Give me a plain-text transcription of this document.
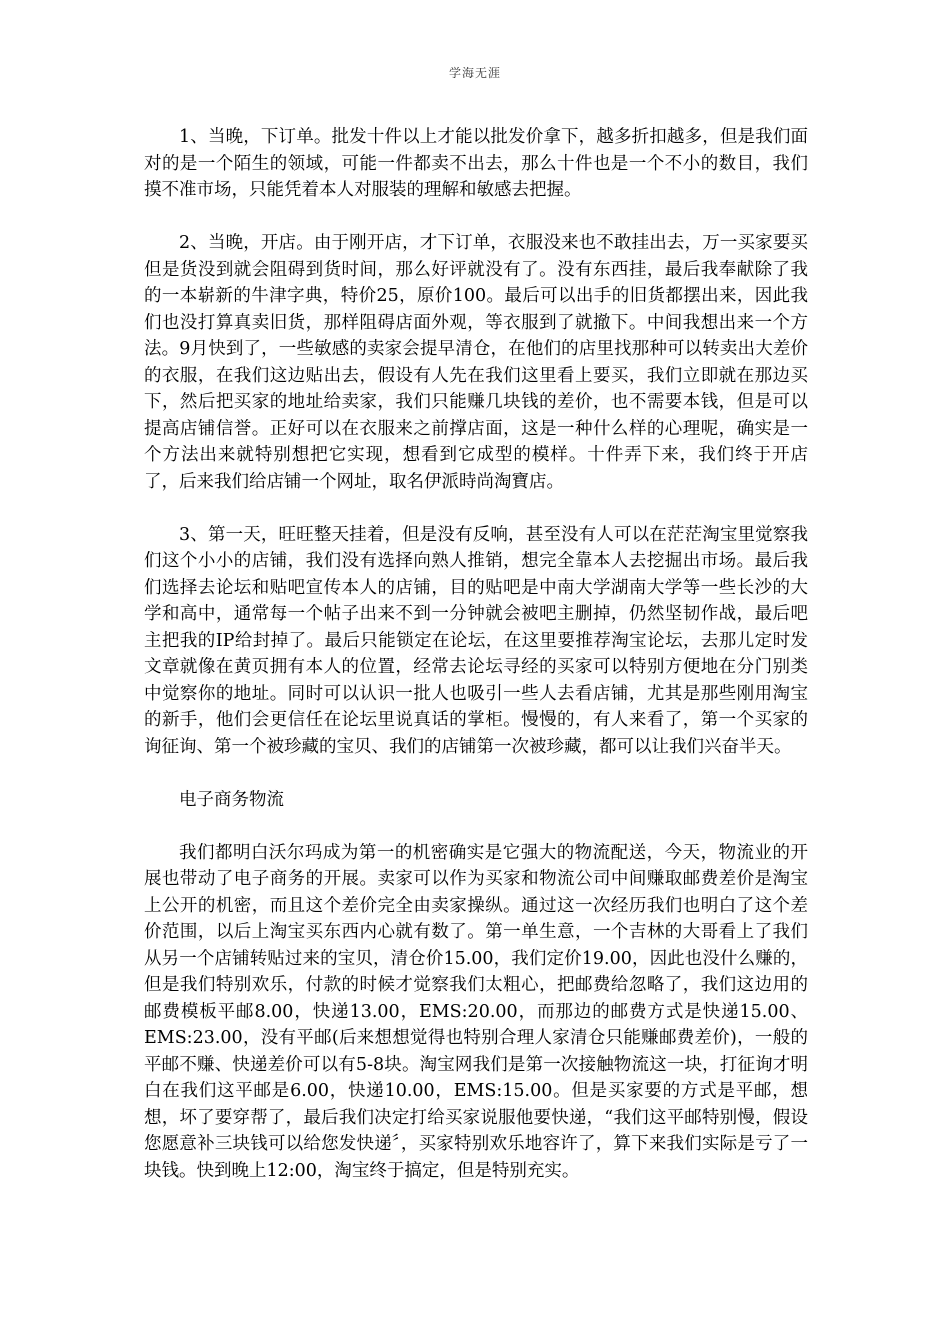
学海无涯

1、当晚，下订单。批发十件以上才能以批发价拿下，越多折扣越多，但是我们面对的是一个陌生的领域，可能一件都卖不出去，那么十件也是一个不小的数目，我们摸不准市场，只能凭着本人对服装的理解和敏感去把握。

2、当晚，开店。由于刚开店，才下订单，衣服没来也不敢挂出去，万一买家要买但是货没到就会阻碍到货时间，那么好评就没有了。没有东西挂，最后我奉献除了我的一本崭新的牛津字典，特价25，原价100。最后可以出手的旧货都摆出来，因此我们也没打算真卖旧货，那样阻碍店面外观，等衣服到了就撤下。中间我想出来一个方法。9月快到了，一些敏感的卖家会提早清仓，在他们的店里找那种可以转卖出大差价的衣服，在我们这边贴出去，假设有人先在我们这里看上要买，我们立即就在那边买下，然后把买家的地址给卖家，我们只能赚几块钱的差价，也不需要本钱，但是可以提高店铺信誉。正好可以在衣服来之前撑店面，这是一种什么样的心理呢，确实是一个方法出来就特别想把它实现，想看到它成型的模样。十件弄下来，我们终于开店了，后来我们给店铺一个网址，取名伊派時尚淘寶店。

3、第一天，旺旺整天挂着，但是没有反响，甚至没有人可以在茫茫淘宝里觉察我们这个小小的店铺，我们没有选择向熟人推销，想完全靠本人去挖掘出市场。最后我们选择去论坛和贴吧宣传本人的店铺，目的贴吧是中南大学湖南大学等一些长沙的大学和高中，通常每一个帖子出来不到一分钟就会被吧主删掉，仍然坚韧作战，最后吧主把我的IP给封掉了。最后只能锁定在论坛，在这里要推荐淘宝论坛，去那儿定时发文章就像在黄页拥有本人的位置，经常去论坛寻经的买家可以特别方便地在分门别类中觉察你的地址。同时可以认识一批人也吸引一些人去看店铺，尤其是那些刚用淘宝的新手，他们会更信任在论坛里说真话的掌柜。慢慢的，有人来看了，第一个买家的询征询、第一个被珍藏的宝贝、我们的店铺第一次被珍藏，都可以让我们兴奋半天。

电子商务物流

我们都明白沃尔玛成为第一的机密确实是它强大的物流配送，今天，物流业的开展也带动了电子商务的开展。卖家可以作为买家和物流公司中间赚取邮费差价是淘宝上公开的机密，而且这个差价完全由卖家操纵。通过这一次经历我们也明白了这个差价范围，以后上淘宝买东西内心就有数了。第一单生意，一个吉林的大哥看上了我们从另一个店铺转贴过来的宝贝，清仓价15.00，我们定价19.00，因此也没什么赚的，但是我们特别欢乐，付款的时候才觉察我们太粗心，把邮费给忽略了，我们这边用的邮费模板平邮8.00，快递13.00，EMS:20.00，而那边的邮费方式是快递15.00、EMS:23.00，没有平邮(后来想想觉得也特别合理人家清仓只能赚邮费差价)，一般的平邮不赚、快递差价可以有5-8块。淘宝网我们是第一次接触物流这一块，打征询才明白在我们这平邮是6.00，快递10.00，EMS:15.00。但是买家要的方式是平邮，想想，坏了要穿帮了，最后我们决定打给买家说服他要快递，“我们这平邮特别慢，假设您愿意补三块钱可以给您发快递〞，买家特别欢乐地容许了，算下来我们实际是亏了一块钱。快到晚上12:00，淘宝终于搞定，但是特别充实。
